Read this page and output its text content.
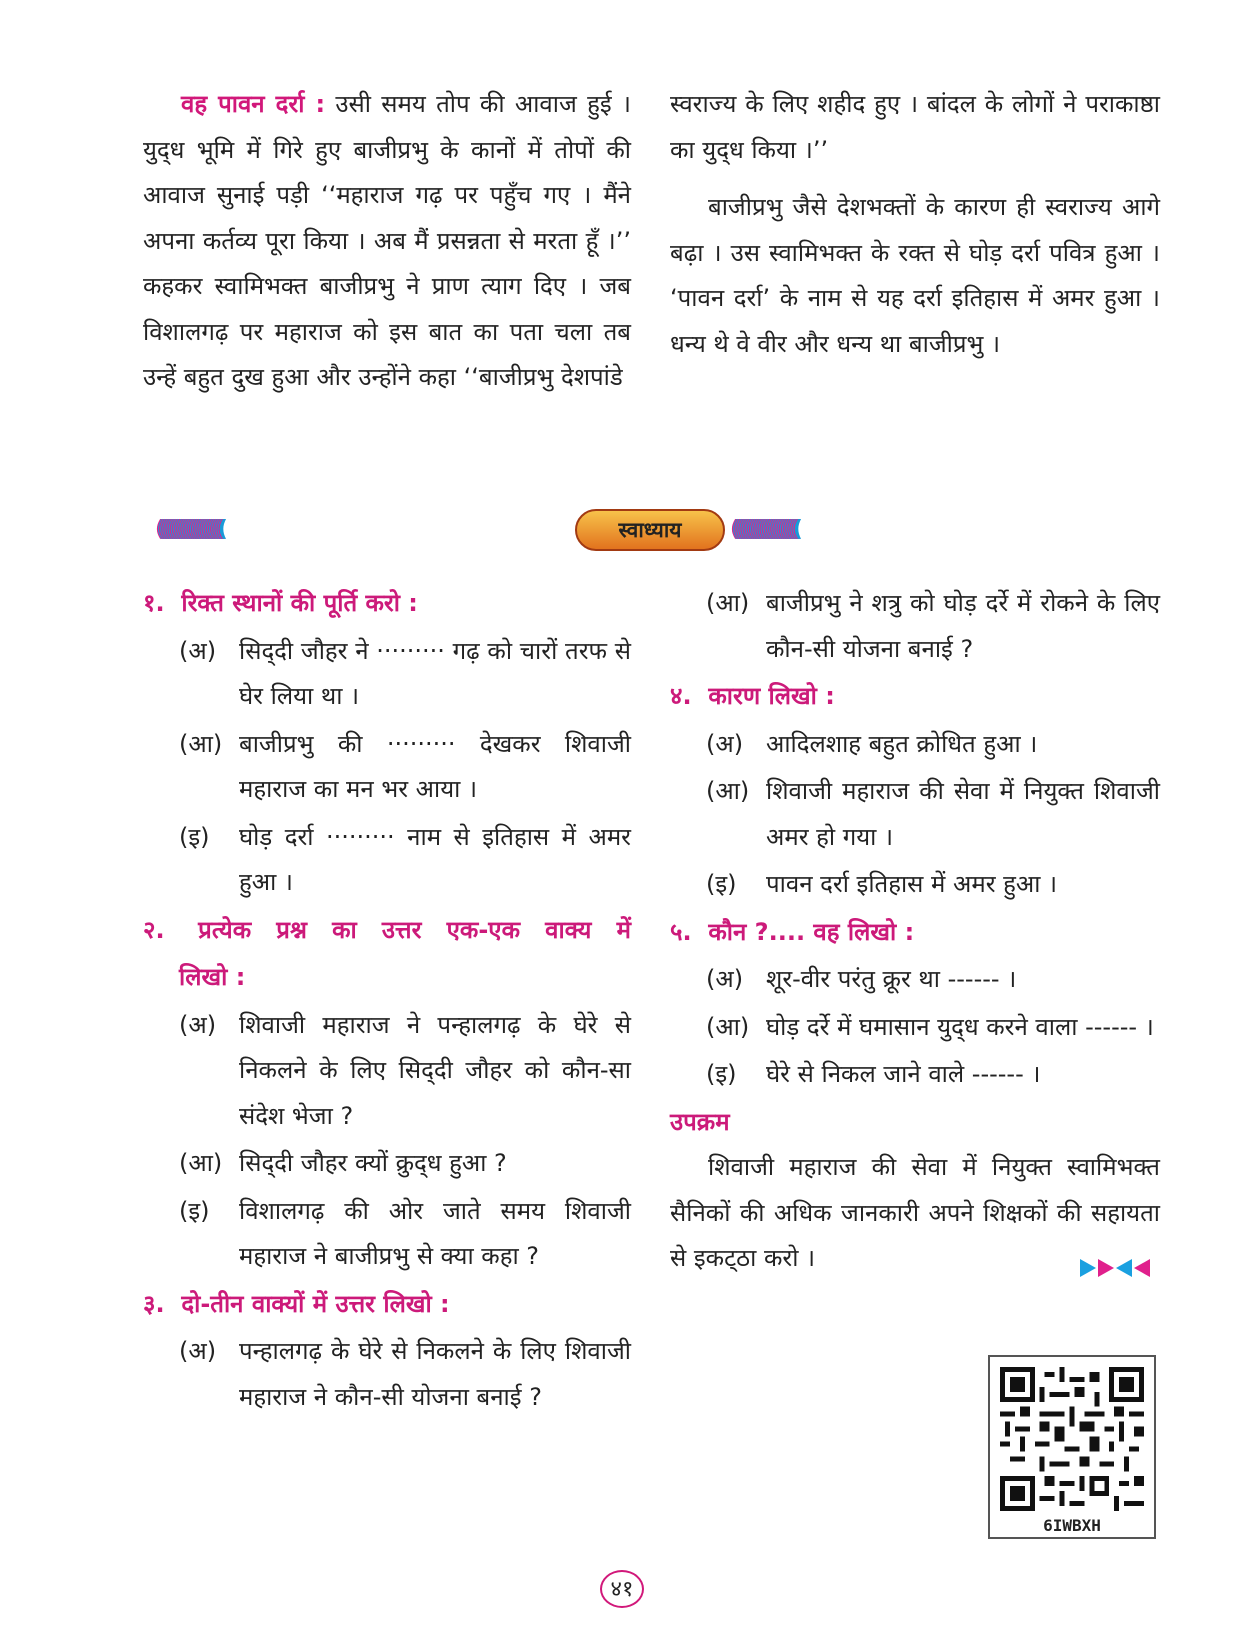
वह पावन दर्रा : उसी समय तोप की आवाज हुई । युद्‌ध भूमि में गिरे हुए बाजीप्रभु के कानों में तोपों की आवाज सुनाई पड़ी ‘‘महाराज गढ़ पर पहुँच गए । मैंने अपना कर्तव्य पूरा किया । अब मैं प्रसन्नता से मरता हूँ ।’’ कहकर स्वामिभक्त बाजीप्रभु ने प्राण त्याग दिए । जब विशालगढ़ पर महाराज को इस बात का पता चला तब उन्हें बहुत दुख हुआ और उन्होंने कहा ‘‘बाजीप्रभु देशपांडे

स्वराज्य के लिए शहीद हुए । बांदल के लोगों ने पराकाष्ठा का युद्‌ध किया ।’’

बाजीप्रभु जैसे देशभक्तों के कारण ही स्वराज्य आगे बढ़ा । उस स्वामिभक्त के रक्त से घोड़ दर्रा पवित्र हुआ । ‘पावन दर्रा’ के नाम से यह दर्रा इतिहास में अमर हुआ । धन्य थे वे वीर और धन्य था बाजीप्रभु ।

((((((((((((((((((((((((((((((((((((((((((((((((((((((((((((	स्वाध्याय	((((((((((((((((((((((((((((((((((((((((((((((((((((((((((((

१. रिक्त स्थानों की पूर्ति करो :

(अ) सिद्‌दी जौहर ने ········· गढ़ को चारों तरफ से घेर लिया था ।
(आ) बाजीप्रभु की ········· देखकर शिवाजी महाराज का मन भर आया ।
(इ)	घोड़ दर्रा ········· नाम से इतिहास में अमर हुआ ।

२. प्रत्येक प्रश्न का उत्तर एक-एक वाक्य में

लिखो :

(अ) शिवाजी महाराज ने पन्हालगढ़ के घेरे से निकलने के लिए सिद्‌दी जौहर को कौन-सा संदेश भेजा ?
(आ) सिद्‌दी जौहर क्यों क्रुद्‌ध हुआ ?
(इ)	विशालगढ़ की ओर जाते समय शिवाजी महाराज ने बाजीप्रभु से क्या कहा ?

३. दो-तीन वाक्यों में उत्तर लिखो :

(अ) पन्हालगढ़ के घेरे से निकलने के लिए शिवाजी महाराज ने कौन-सी योजना बनाई ?
(आ) बाजीप्रभु ने शत्रु को घोड़ दर्रे में रोकने के लिए कौन-सी योजना बनाई ?

४. कारण लिखो :

(अ) आदिलशाह बहुत क्रोधित हुआ ।
(आ) शिवाजी महाराज की सेवा में नियुक्त शिवाजी अमर हो गया ।
(इ)	पावन दर्रा इतिहास में अमर हुआ ।

५. कौन ?.... वह लिखो :

(अ) शूर-वीर परंतु क्रूर था ------ ।
(आ) घोड़ दर्रे में घमासान युद्‌ध करने वाला ------ ।
(इ)	घेरे से निकल जाने वाले ------ ।

उपक्रम

शिवाजी महाराज की सेवा में नियुक्त स्वामिभक्त सैनिकों की अधिक जानकारी अपने शिक्षकों की सहायता से इकट्‌ठा करो ।

6IWBXH
४१
